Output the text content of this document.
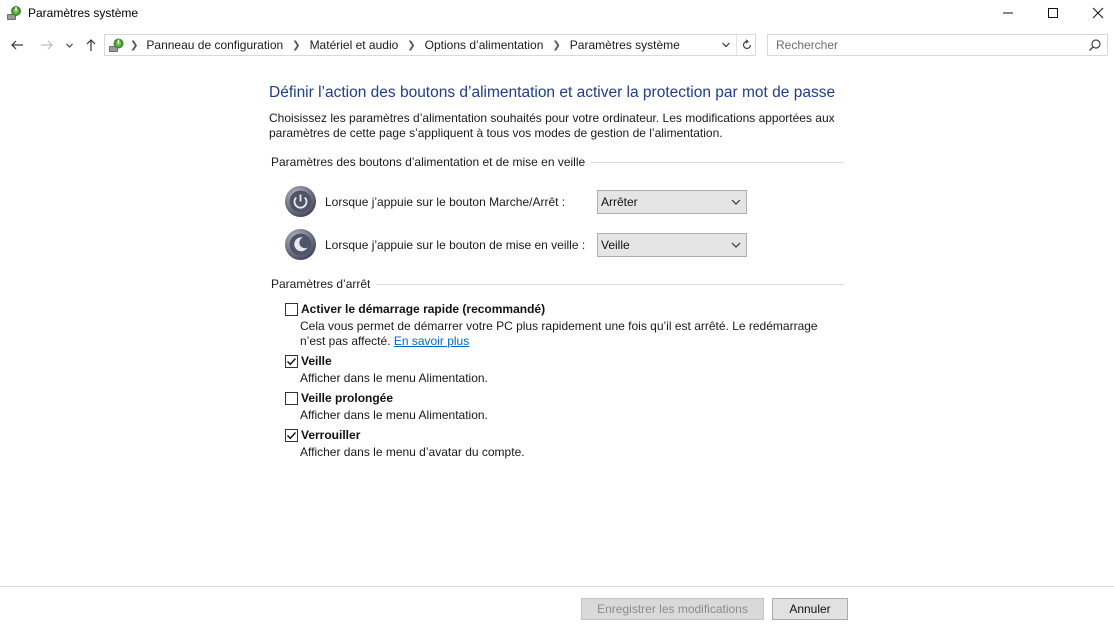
Paramètres système
❯ Panneau de configuration ❯ Matériel et audio ❯ Options d’alimentation ❯ Paramètres système
Rechercher
Définir l’action des boutons d’alimentation et activer la protection par mot de passe
Choisissez les paramètres d’alimentation souhaités pour votre ordinateur. Les modifications apportées aux paramètres de cette page s’appliquent à tous vos modes de gestion de l’alimentation.
Paramètres des boutons d’alimentation et de mise en veille
Lorsque j’appuie sur le bouton Marche/Arrêt :	Arrêter
Lorsque j’appuie sur le bouton de mise en veille : Veille
Paramètres d’arrêt
Activer le démarrage rapide (recommandé)
Cela vous permet de démarrer votre PC plus rapidement une fois qu’il est arrêté. Le redémarrage n’est pas affecté. En savoir plus
Veille
Afficher dans le menu Alimentation.
Veille prolongée
Afficher dans le menu Alimentation.
Verrouiller
Afficher dans le menu d’avatar du compte.
Enregistrer les modifications	Annuler
